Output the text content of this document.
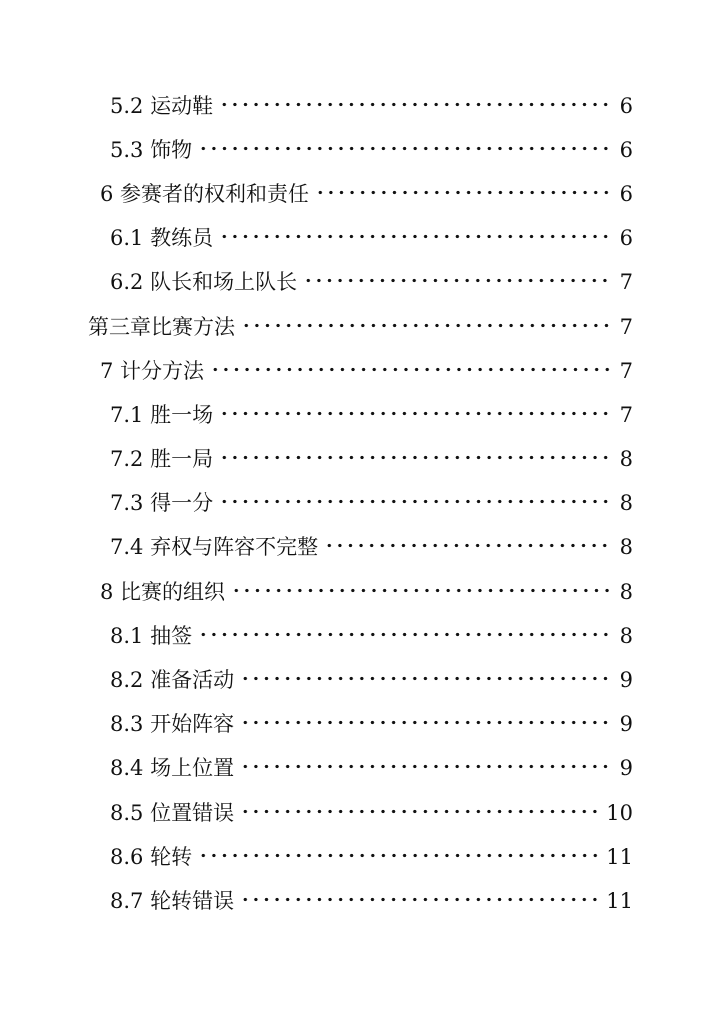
5.2 运动鞋	6
5.3 饰物	6
6 参赛者的权利和责任	6
6.1 教练员	6
6.2 队长和场上队长	7
第三章比赛方法	7
7 计分方法	7
7.1 胜一场	7
7.2 胜一局	8
7.3 得一分	8
7.4 弃权与阵容不完整	8
8 比赛的组织	8
8.1 抽签	8
8.2 准备活动	9
8.3 开始阵容	9
8.4 场上位置	9
8.5 位置错误	10
8.6 轮转	11
8.7 轮转错误	11
